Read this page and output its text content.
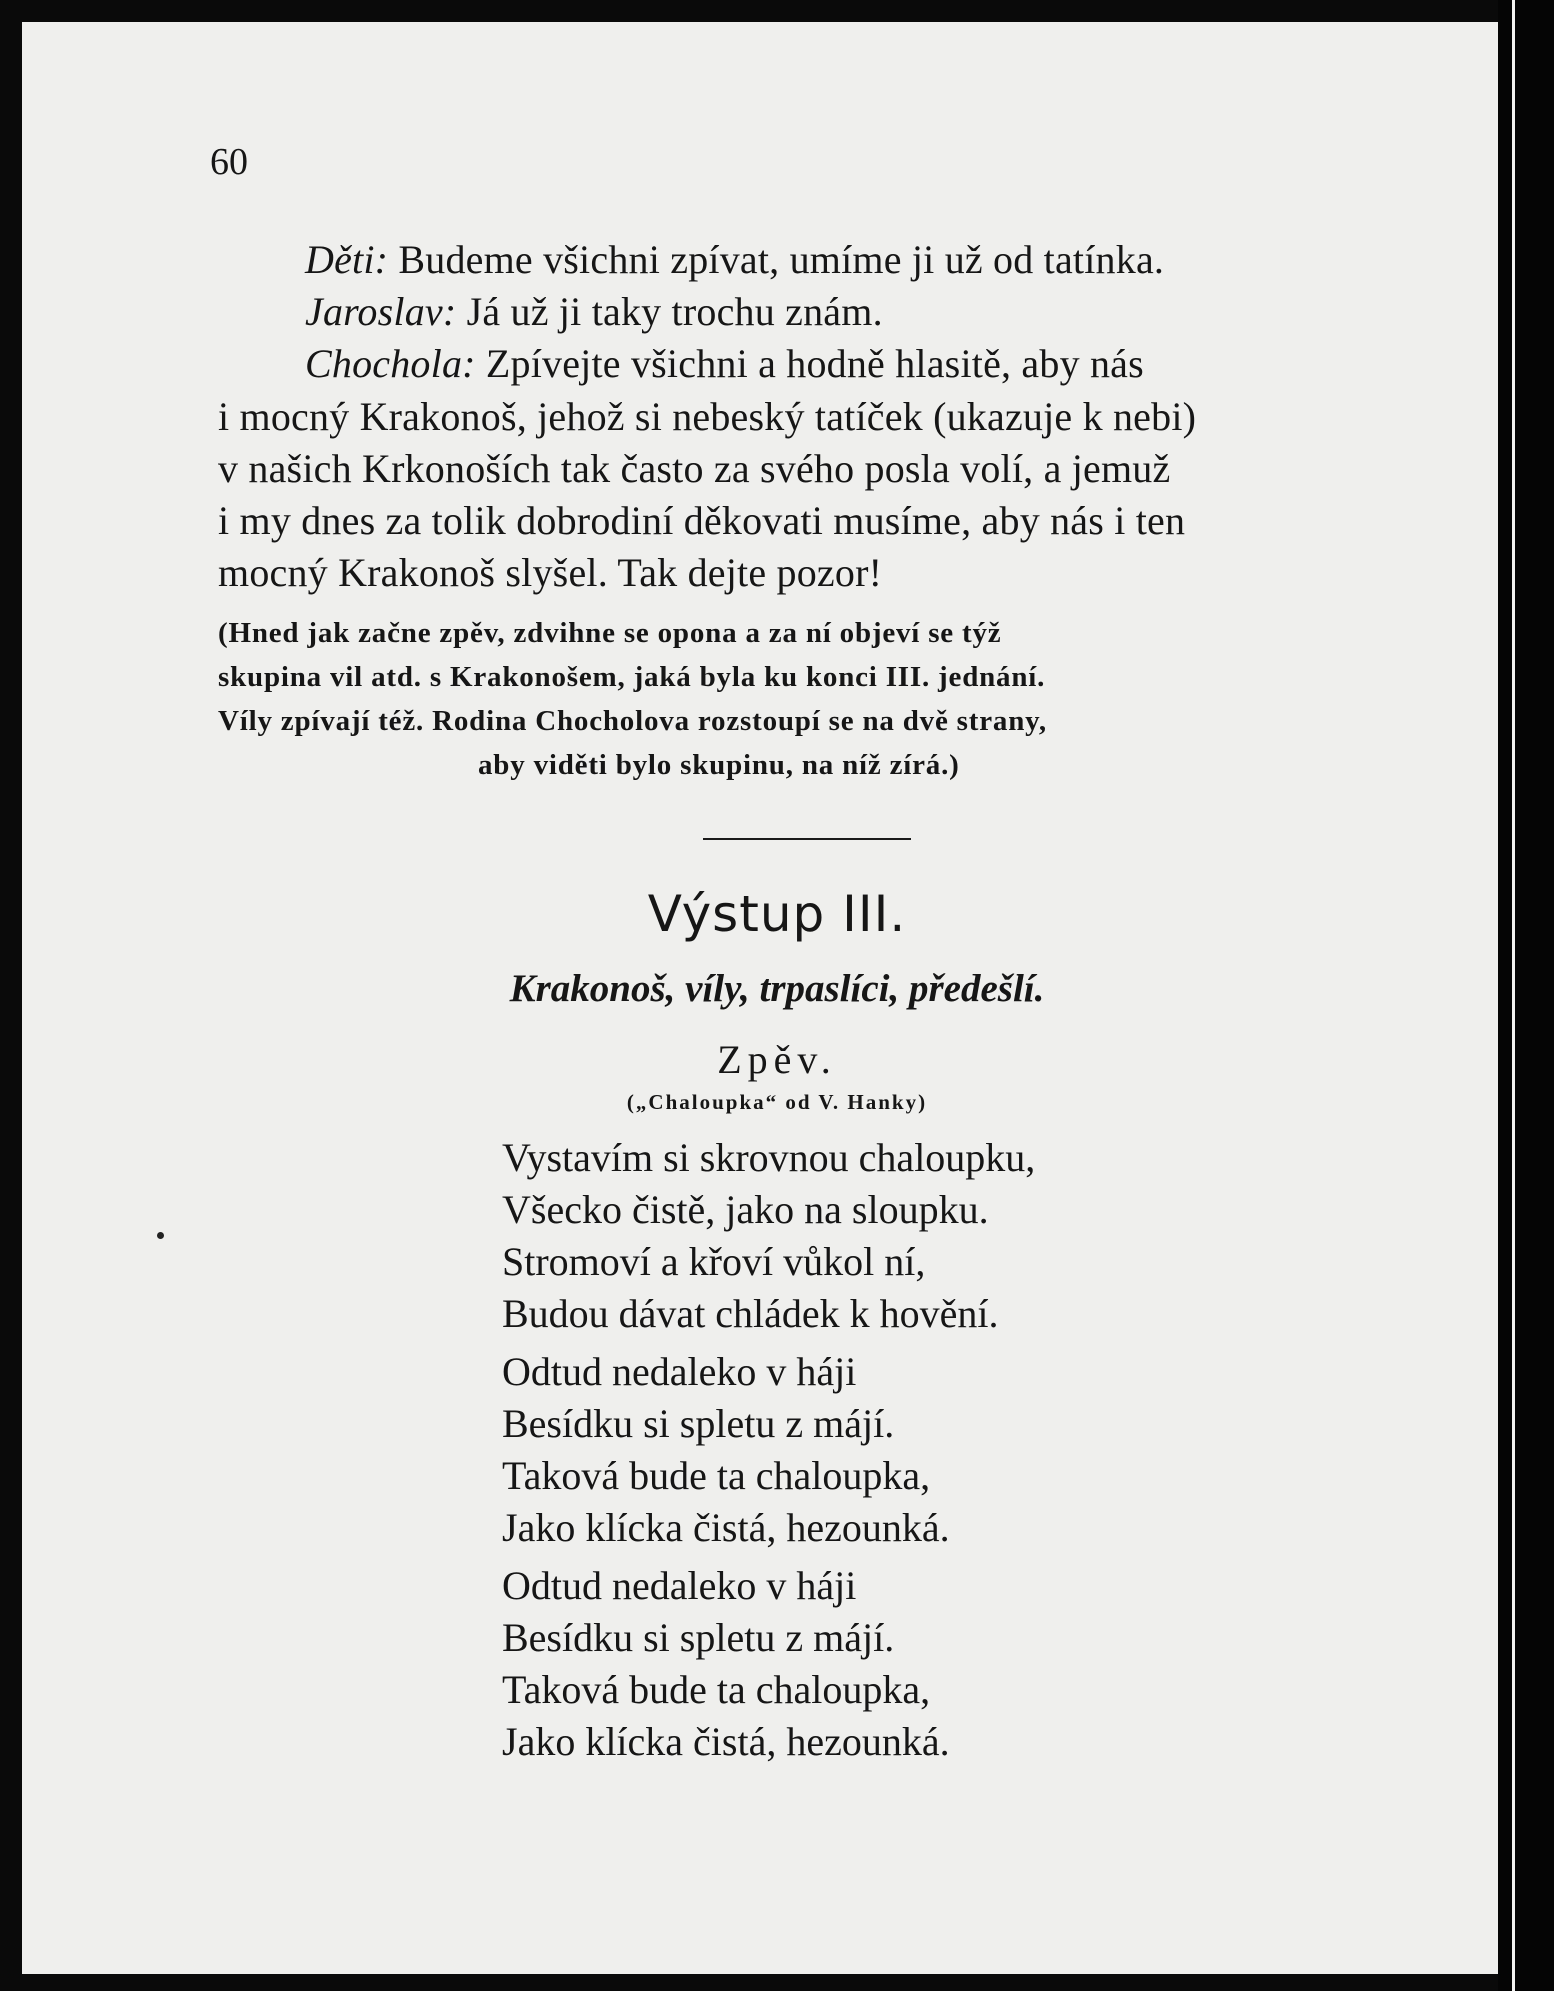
60
Děti: Budeme všichni zpívat, umíme ji už od tatínka.
Jaroslav: Já už ji taky trochu znám.
Chochola: Zpívejte všichni a hodně hlasitě, aby nás
i mocný Krakonoš, jehož si nebeský tatíček (ukazuje k nebi)
v našich Krkonoších tak často za svého posla volí, a jemuž
i my dnes za tolik dobrodiní děkovati musíme, aby nás i ten
mocný Krakonoš slyšel. Tak dejte pozor!
(Hned jak začne zpěv, zdvihne se opona a za ní objeví se týž
skupina vil atd. s Krakonošem, jaká byla ku konci III. jednání.
Víly zpívají též. Rodina Chocholova rozstoupí se na dvě strany,
aby viděti bylo skupinu, na níž zírá.)
Výstup III.
Krakonoš, víly, trpaslíci, předešlí.
Zpěv.
(„Chaloupka“ od V. Hanky)
Vystavím si skrovnou chaloupku,
Všecko čistě, jako na sloupku.
Stromoví a křoví vůkol ní,
Budou dávat chládek k hovění.
Odtud nedaleko v háji
Besídku si spletu z májí.
Taková bude ta chaloupka,
Jako klícka čistá, hezounká.
Odtud nedaleko v háji
Besídku si spletu z májí.
Taková bude ta chaloupka,
Jako klícka čistá, hezounká.
